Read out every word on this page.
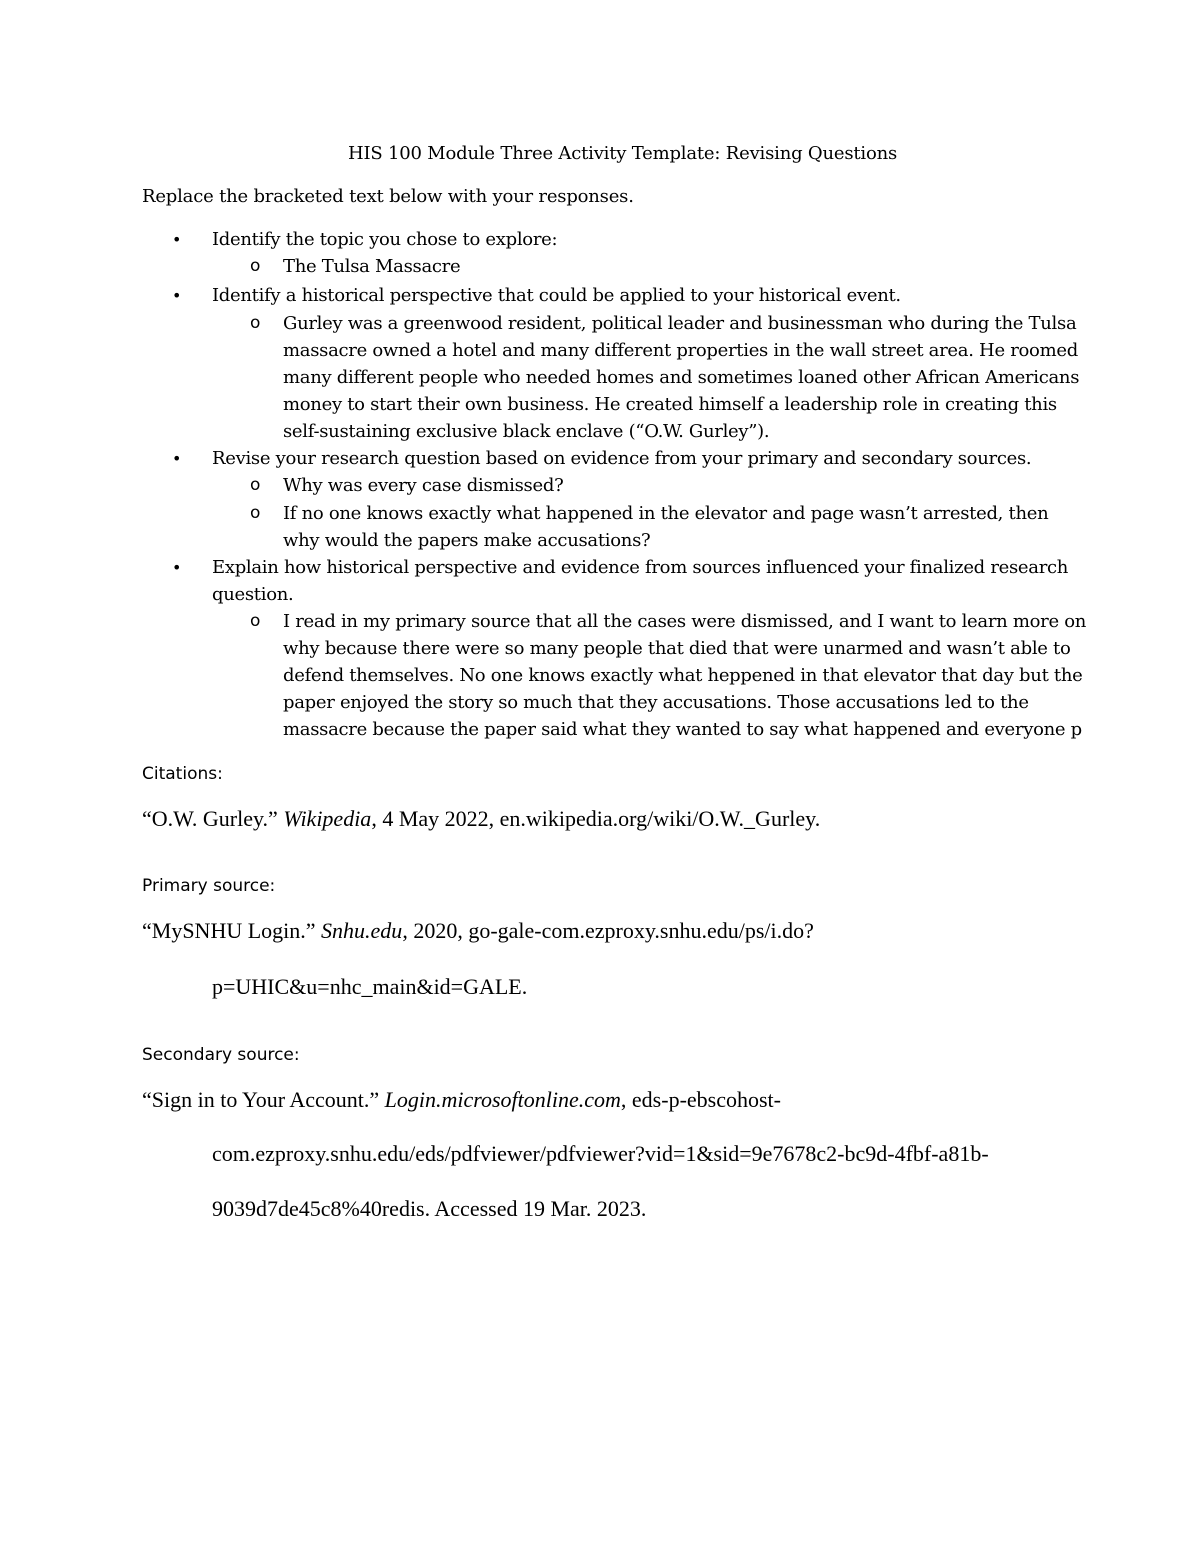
HIS 100 Module Three Activity Template: Revising Questions
Replace the bracketed text below with your responses.
• Identify the topic you chose to explore:
o The Tulsa Massacre
• Identify a historical perspective that could be applied to your historical event.
o Gurley was a greenwood resident, political leader and businessman who during the Tulsa
massacre owned a hotel and many different properties in the wall street area. He roomed
many different people who needed homes and sometimes loaned other African Americans
money to start their own business. He created himself a leadership role in creating this
self-sustaining exclusive black enclave (“O.W. Gurley”).
• Revise your research question based on evidence from your primary and secondary sources.
o Why was every case dismissed?
o If no one knows exactly what happened in the elevator and page wasn’t arrested, then
why would the papers make accusations?
• Explain how historical perspective and evidence from sources influenced your finalized research
question.
o I read in my primary source that all the cases were dismissed, and I want to learn more on
why because there were so many people that died that were unarmed and wasn’t able to
defend themselves. No one knows exactly what heppened in that elevator that day but the
paper enjoyed the story so much that they accusations. Those accusations led to the
massacre because the paper said what they wanted to say what happened and everyone p
Citations:
“O.W. Gurley.” Wikipedia, 4 May 2022, en.wikipedia.org/wiki/O.W._Gurley.
Primary source:
“MySNHU Login.” Snhu.edu, 2020, go-gale-com.ezproxy.snhu.edu/ps/i.do?
p=UHIC&u=nhc_main&id=GALE.
Secondary source:
“Sign in to Your Account.” Login.microsoftonline.com, eds-p-ebscohost-
com.ezproxy.snhu.edu/eds/pdfviewer/pdfviewer?vid=1&sid=9e7678c2-bc9d-4fbf-a81b-
9039d7de45c8%40redis. Accessed 19 Mar. 2023.
